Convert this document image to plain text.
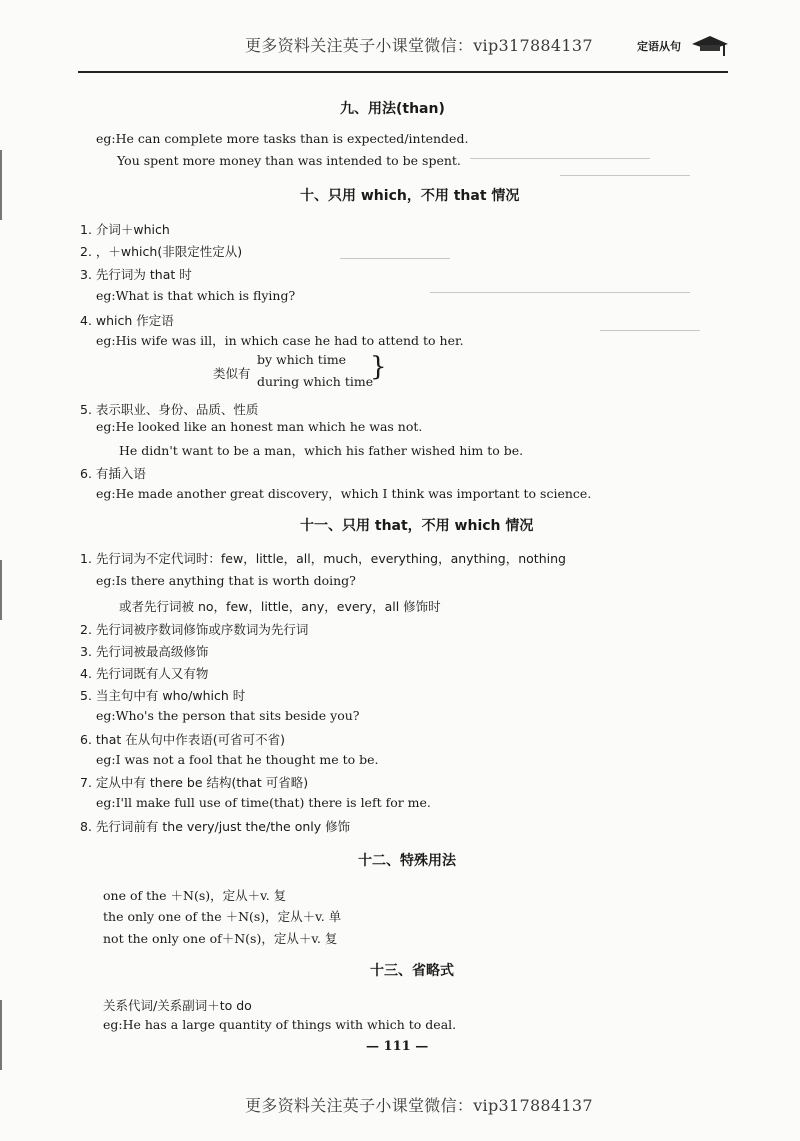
更多资料关注英子小课堂微信：vip317884137	定语从句
九、用法(than)
eg:He can complete more tasks than is expected/intended.
You spent more money than was intended to be spent.
十、只用 which，不用 that 情况
1. 介词＋which
2. ，＋which(非限定性定从)
3. 先行词为 that 时
eg:What is that which is flying?
4. which 作定语
eg:His wife was ill，in which case he had to attend to her.
类似有
by which time
during which time
}
5. 表示职业、身份、品质、性质
eg:He looked like an honest man which he was not.
He didn't want to be a man，which his father wished him to be.
6. 有插入语
eg:He made another great discovery，which I think was important to science.
十一、只用 that，不用 which 情况
1. 先行词为不定代词时：few，little，all，much，everything，anything，nothing
eg:Is there anything that is worth doing?
或者先行词被 no，few，little，any，every，all 修饰时
2. 先行词被序数词修饰或序数词为先行词
3. 先行词被最高级修饰
4. 先行词既有人又有物
5. 当主句中有 who/which 时
eg:Who's the person that sits beside you?
6. that 在从句中作表语(可省可不省)
eg:I was not a fool that he thought me to be.
7. 定从中有 there be 结构(that 可省略)
eg:I'll make full use of time(that) there is left for me.
8. 先行词前有 the very/just the/the only 修饰
十二、特殊用法
one of the ＋N(s)，定从＋v. 复
the only one of the ＋N(s)，定从＋v. 单
not the only one of＋N(s)，定从＋v. 复
十三、省略式
关系代词/关系副词＋to do
eg:He has a large quantity of things with which to deal.
— 111 —
更多资料关注英子小课堂微信：vip317884137
